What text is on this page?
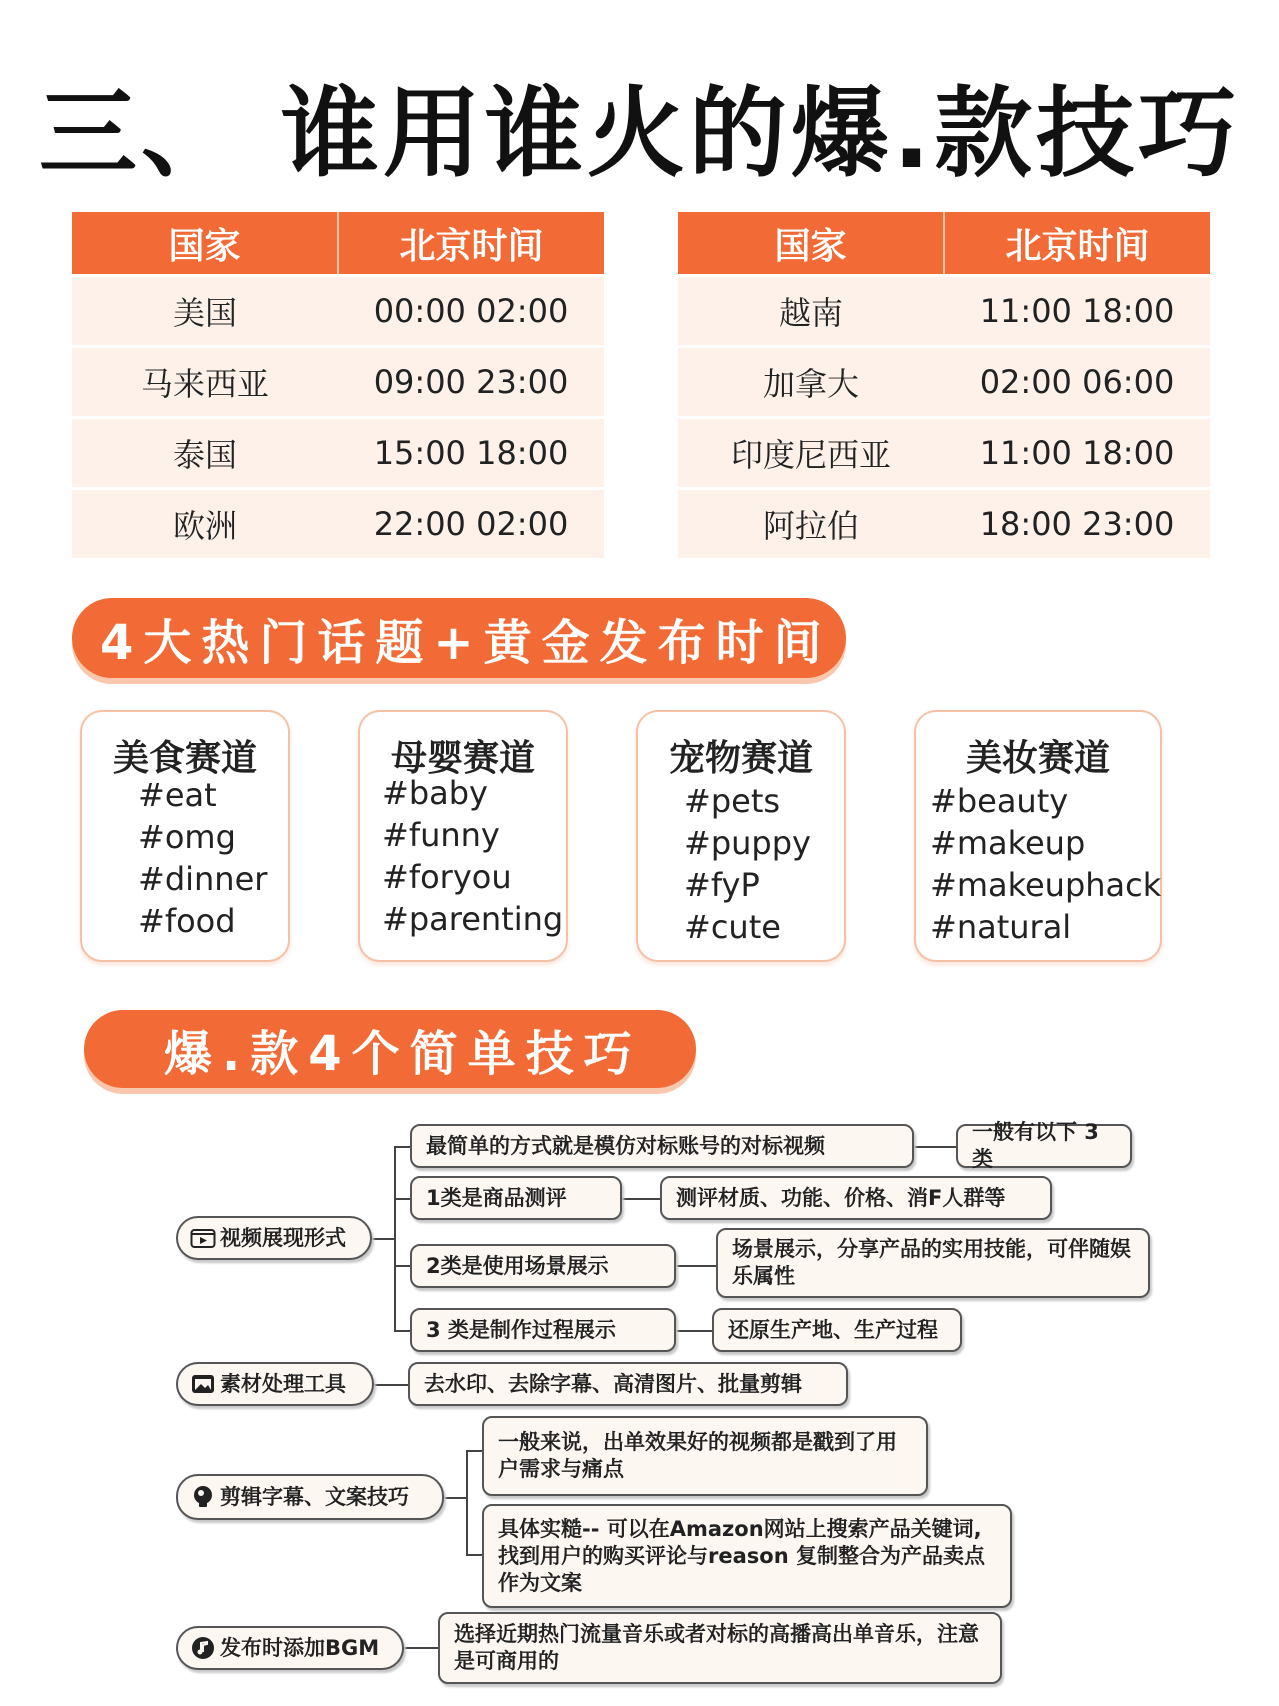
三、 谁用谁火的爆.款技巧
国家	北京时间
美国	00:00 02:00
马来西亚	09:00 23:00
泰国	15:00 18:00
欧洲	22:00 02:00
国家	北京时间
越南	11:00 18:00
加拿大	02:00 06:00
印度尼西亚	11:00 18:00
阿拉伯	18:00 23:00
4大热门话题+黄金发布时间
美食赛道
#eat
#omg
#dinner
#food
母婴赛道
#baby
#funny
#foryou
#parenting
宠物赛道
#pets
#puppy
#fyP
#cute
美妆赛道
#beauty
#makeup
#makeuphack
#natural
爆.款4个简单技巧
视频展现形式
素材处理工具
剪辑字幕、文案技巧
发布时添加BGM
最简单的方式就是模仿对标账号的对标视频
一般有以下 3类
1类是商品测评	测评材质、功能、价格、消F人群等
2类是使用场景展示
场景展示，分享产品的实用技能，可伴随娱乐属性
3 类是制作过程展示	还原生产地、生产过程
去水印、去除字幕、高清图片、批量剪辑
一般来说，出单效果好的视频都是戳到了用户需求与痛点
具体实糙-- 可以在Amazon网站上搜索产品关键词,找到用户的购买评论与reason 复制整合为产品卖点作为文案
选择近期热门流量音乐或者对标的高播高出单音乐，注意是可商用的
